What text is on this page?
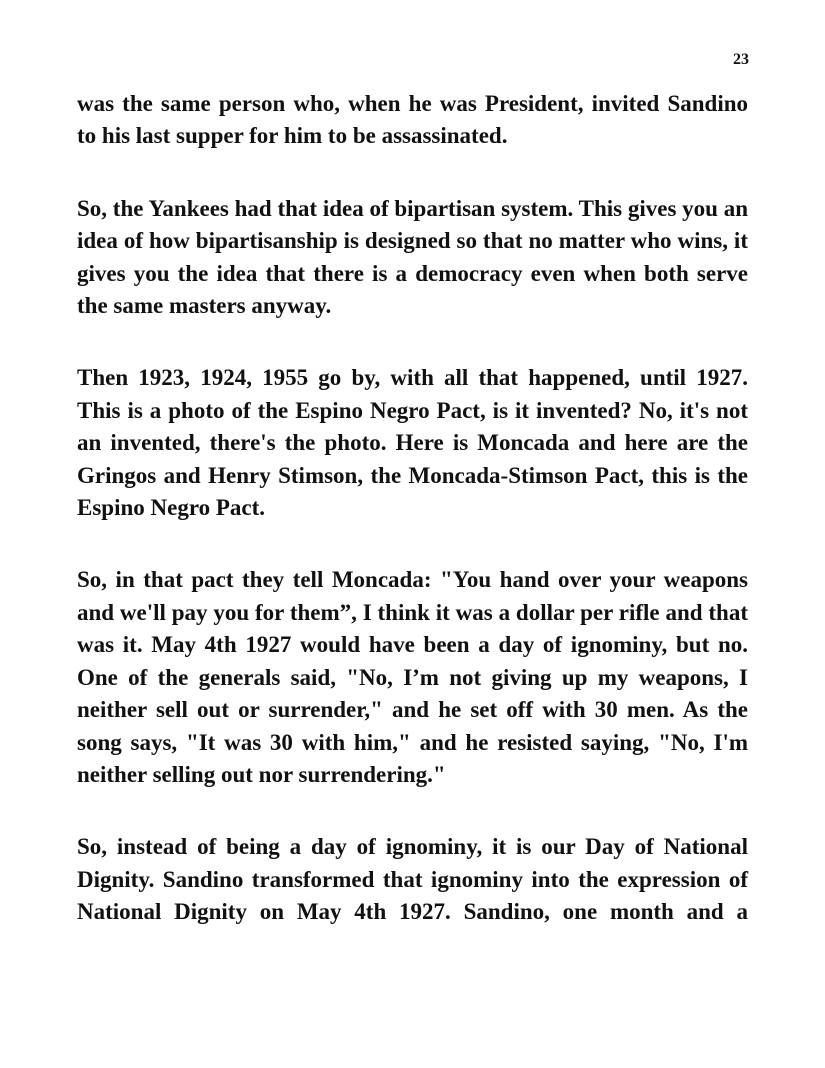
23

was the same person who, when he was President, invited Sandino to his last supper for him to be assassinated.

So, the Yankees had that idea of bipartisan system. This gives you an idea of how bipartisanship is designed so that no matter who wins, it gives you the idea that there is a democracy even when both serve the same masters anyway.

Then 1923, 1924, 1955 go by, with all that happened, until 1927. This is a photo of the Espino Negro Pact, is it invented? No, it's not an invented, there's the photo. Here is Moncada and here are the Gringos and Henry Stimson, the Moncada-Stimson Pact, this is the Espino Negro Pact.

So, in that pact they tell Moncada: "You hand over your weapons and we'll pay you for them”, I think it was a dollar per rifle and that was it. May 4th 1927 would have been a day of ignominy, but no. One of the generals said, "No, I’m not giving up my weapons, I neither sell out or surrender," and he set off with 30 men. As the song says, "It was 30 with him," and he resisted saying, "No, I'm neither selling out nor surrendering."

So, instead of being a day of ignominy, it is our Day of National Dignity. Sandino transformed that ignominy into the expression of National Dignity on May 4th 1927. Sandino, one month and a
